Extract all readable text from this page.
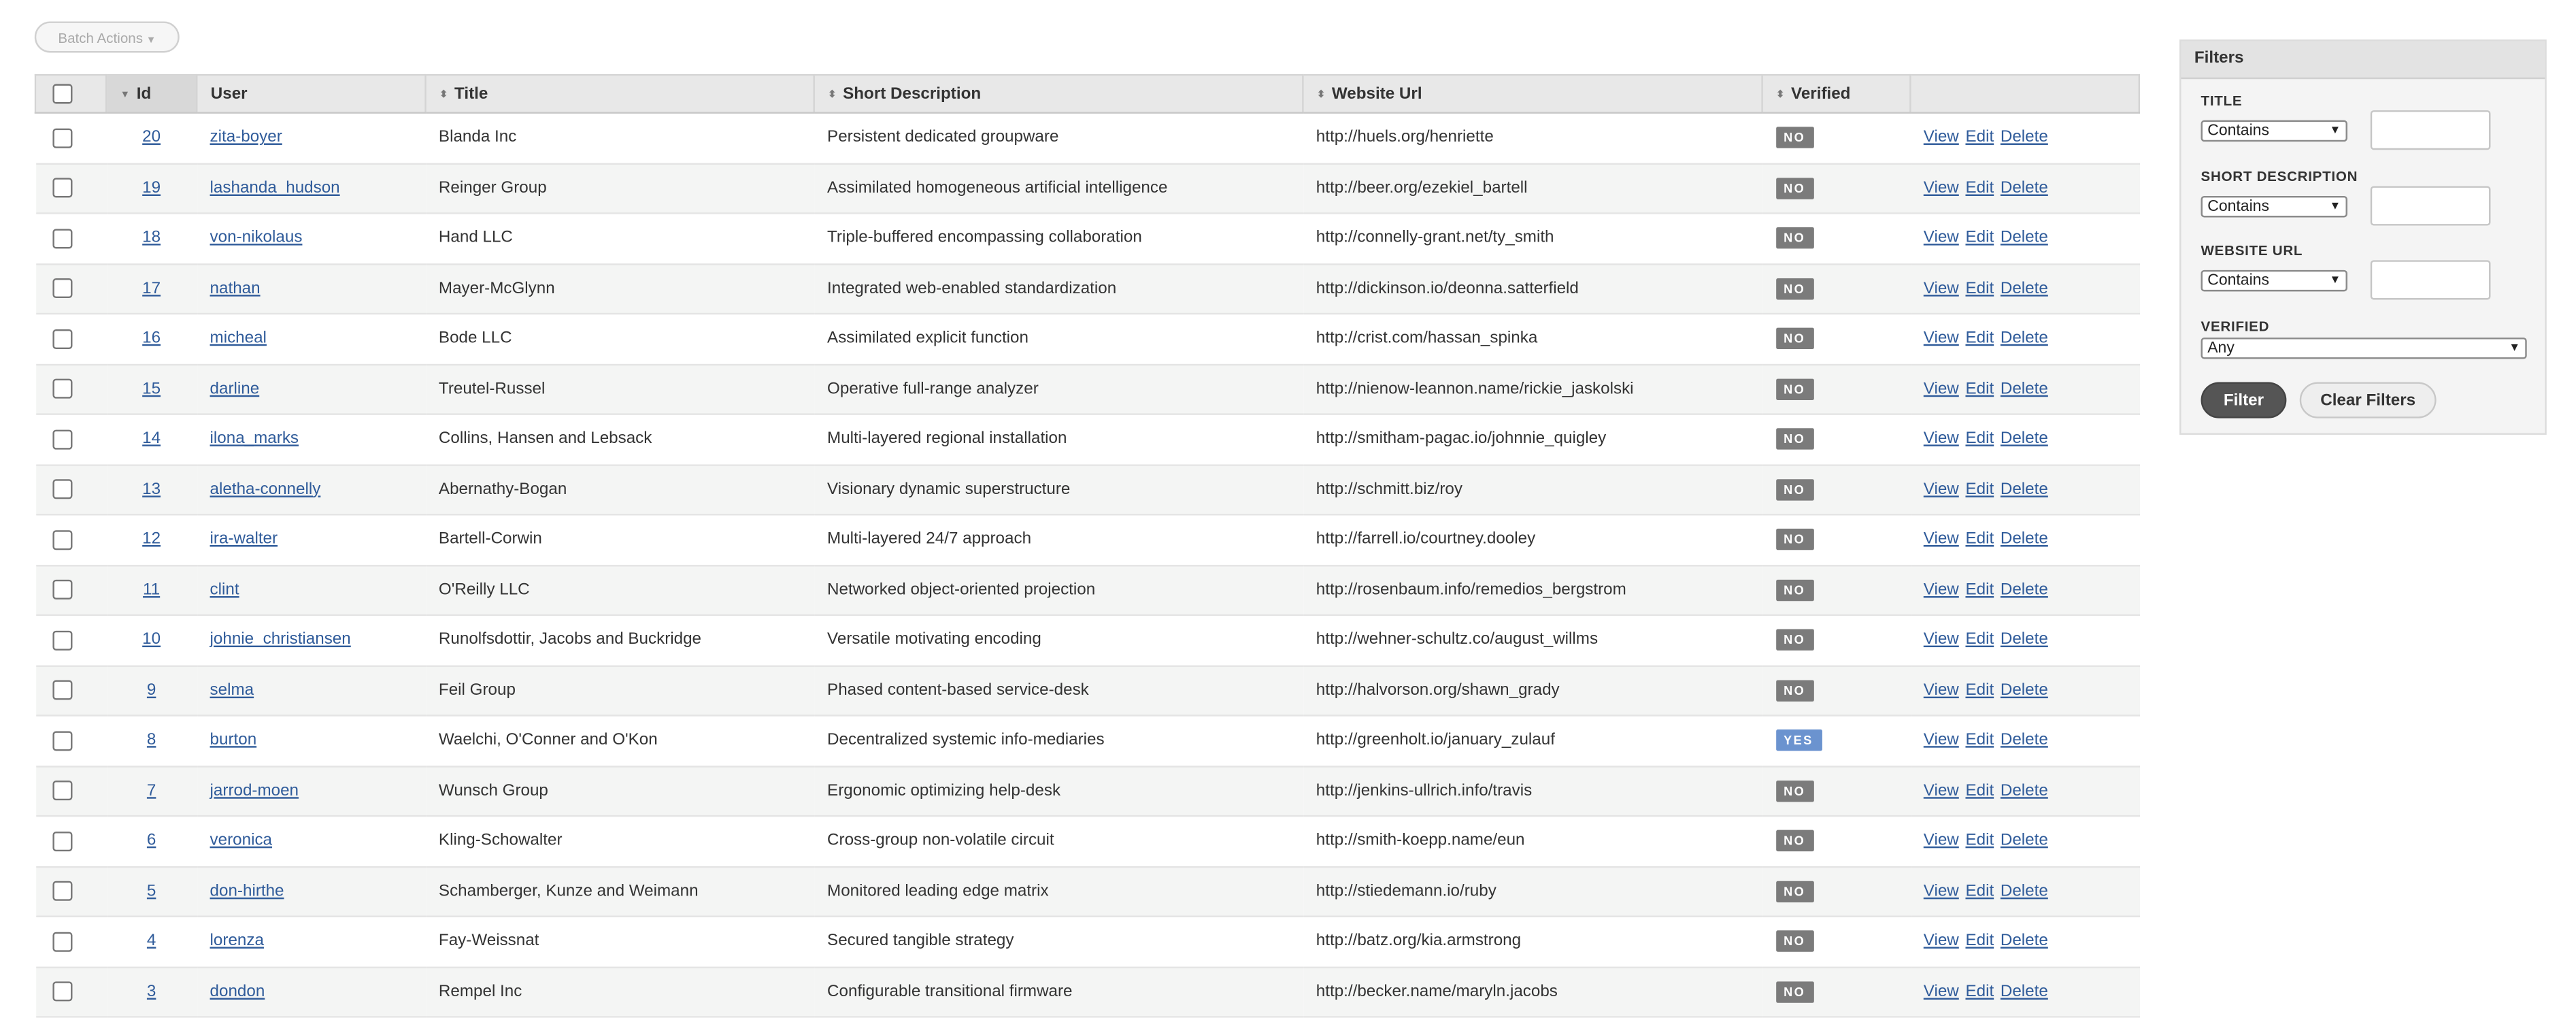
Batch Actions ▼
	▼ Id	User	⬍ Title	⬍ Short Description	⬍ Website Url	⬍ Verified	
	20	zita-boyer	Blanda Inc	Persistent dedicated groupware	http://huels.org/henriette	NO	View Edit Delete
	19	lashanda_hudson	Reinger Group	Assimilated homogeneous artificial intelligence	http://beer.org/ezekiel_bartell	NO	View Edit Delete
	18	von-nikolaus	Hand LLC	Triple-buffered encompassing collaboration	http://connelly-grant.net/ty_smith	NO	View Edit Delete
	17	nathan	Mayer-McGlynn	Integrated web-enabled standardization	http://dickinson.io/deonna.satterfield	NO	View Edit Delete
	16	micheal	Bode LLC	Assimilated explicit function	http://crist.com/hassan_spinka	NO	View Edit Delete
	15	darline	Treutel-Russel	Operative full-range analyzer	http://nienow-leannon.name/rickie_jaskolski	NO	View Edit Delete
	14	ilona_marks	Collins, Hansen and Lebsack	Multi-layered regional installation	http://smitham-pagac.io/johnnie_quigley	NO	View Edit Delete
	13	aletha-connelly	Abernathy-Bogan	Visionary dynamic superstructure	http://schmitt.biz/roy	NO	View Edit Delete
	12	ira-walter	Bartell-Corwin	Multi-layered 24/7 approach	http://farrell.io/courtney.dooley	NO	View Edit Delete
	11	clint	O'Reilly LLC	Networked object-oriented projection	http://rosenbaum.info/remedios_bergstrom	NO	View Edit Delete
	10	johnie_christiansen	Runolfsdottir, Jacobs and Buckridge	Versatile motivating encoding	http://wehner-schultz.co/august_willms	NO	View Edit Delete
	9	selma	Feil Group	Phased content-based service-desk	http://halvorson.org/shawn_grady	NO	View Edit Delete
	8	burton	Waelchi, O'Conner and O'Kon	Decentralized systemic info-mediaries	http://greenholt.io/january_zulauf	YES	View Edit Delete
	7	jarrod-moen	Wunsch Group	Ergonomic optimizing help-desk	http://jenkins-ullrich.info/travis	NO	View Edit Delete
	6	veronica	Kling-Schowalter	Cross-group non-volatile circuit	http://smith-koepp.name/eun	NO	View Edit Delete
	5	don-hirthe	Schamberger, Kunze and Weimann	Monitored leading edge matrix	http://stiedemann.io/ruby	NO	View Edit Delete
	4	lorenza	Fay-Weissnat	Secured tangible strategy	http://batz.org/kia.armstrong	NO	View Edit Delete
	3	dondon	Rempel Inc	Configurable transitional firmware	http://becker.name/maryln.jacobs	NO	View Edit Delete
Filters
TITLE
Contains	▼
SHORT DESCRIPTION
Contains	▼
WEBSITE URL
Contains	▼
VERIFIED
Any	▼
Filter	Clear Filters
